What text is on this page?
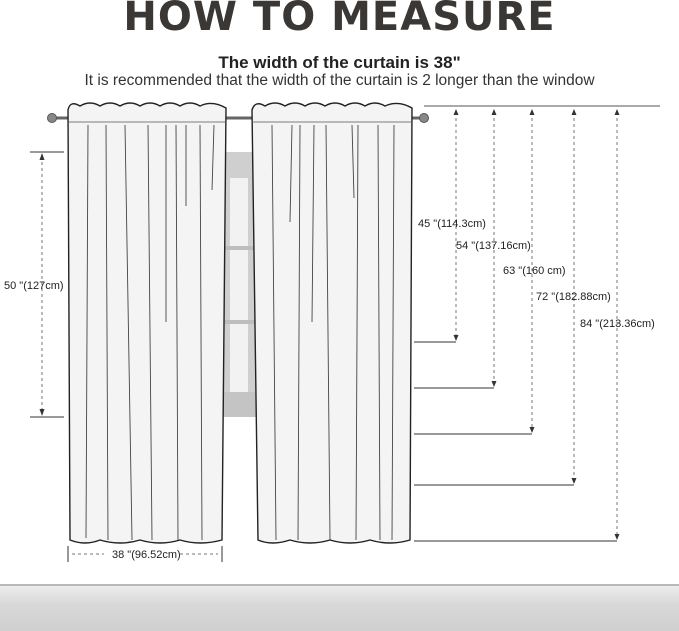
HOW TO MEASURE
The width of the curtain is 38"
It is recommended that the width of the curtain is 2 longer than the window
50 "(127cm)
38 "(96.52cm)
45 "(114.3cm)
54 "(137.16cm)
63 "(160 cm)
72 "(182.88cm)
84 "(213.36cm)
